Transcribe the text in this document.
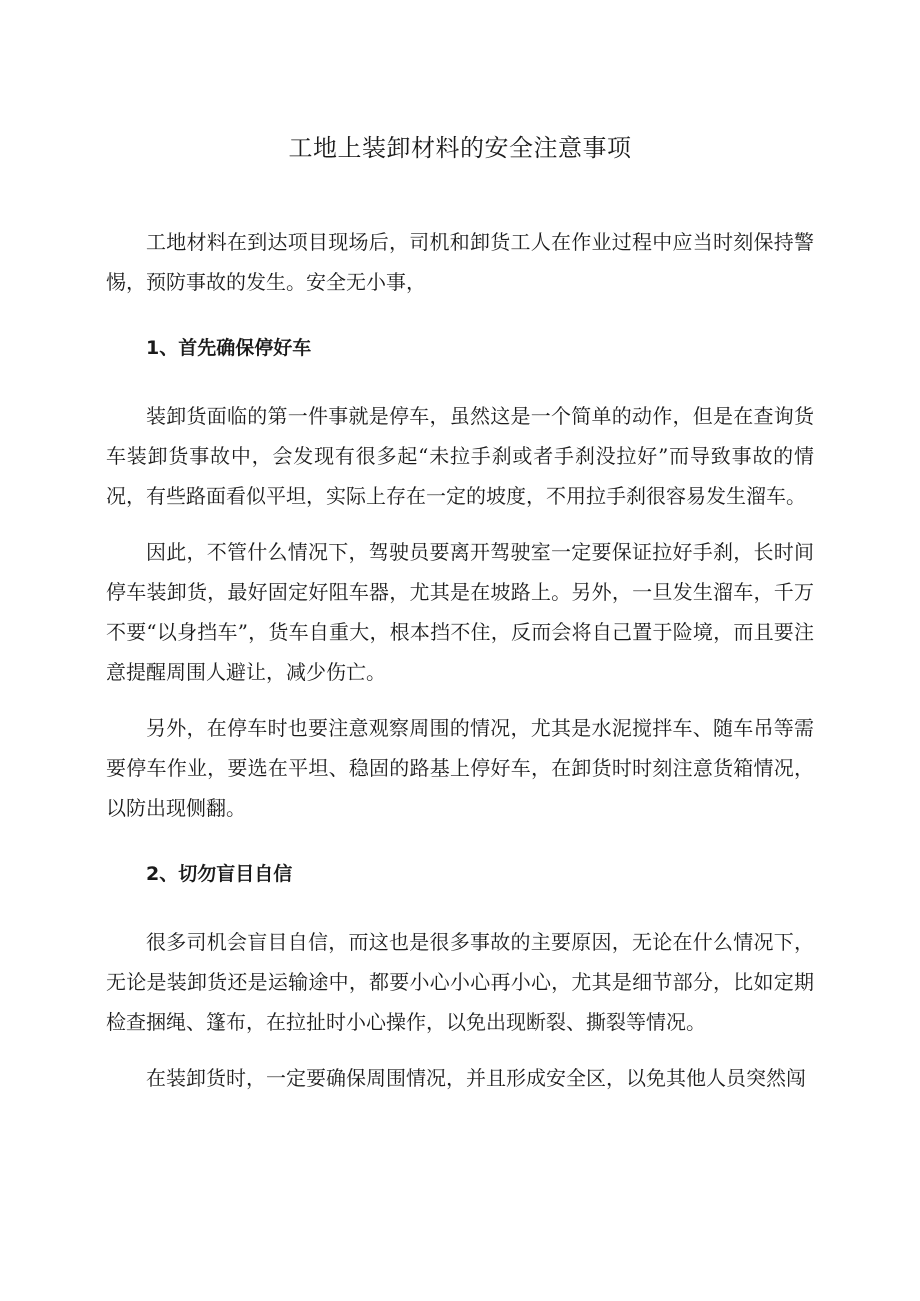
工地上装卸材料的安全注意事项

工地材料在到达项目现场后，司机和卸货工人在作业过程中应当时刻保持警惕，预防事故的发生。安全无小事，

1、首先确保停好车

装卸货面临的第一件事就是停车，虽然这是一个简单的动作，但是在查询货车装卸货事故中，会发现有很多起“未拉手刹或者手刹没拉好”而导致事故的情况，有些路面看似平坦，实际上存在一定的坡度，不用拉手刹很容易发生溜车。

因此，不管什么情况下，驾驶员要离开驾驶室一定要保证拉好手刹，长时间停车装卸货，最好固定好阻车器，尤其是在坡路上。另外，一旦发生溜车，千万不要“以身挡车”，货车自重大，根本挡不住，反而会将自己置于险境，而且要注意提醒周围人避让，减少伤亡。

另外，在停车时也要注意观察周围的情况，尤其是水泥搅拌车、随车吊等需要停车作业，要选在平坦、稳固的路基上停好车，在卸货时时刻注意货箱情况，以防出现侧翻。

2、切勿盲目自信

很多司机会盲目自信，而这也是很多事故的主要原因，无论在什么情况下，无论是装卸货还是运输途中，都要小心小心再小心，尤其是细节部分，比如定期检查捆绳、篷布，在拉扯时小心操作，以免出现断裂、撕裂等情况。

在装卸货时，一定要确保周围情况，并且形成安全区，以免其他人员突然闯
